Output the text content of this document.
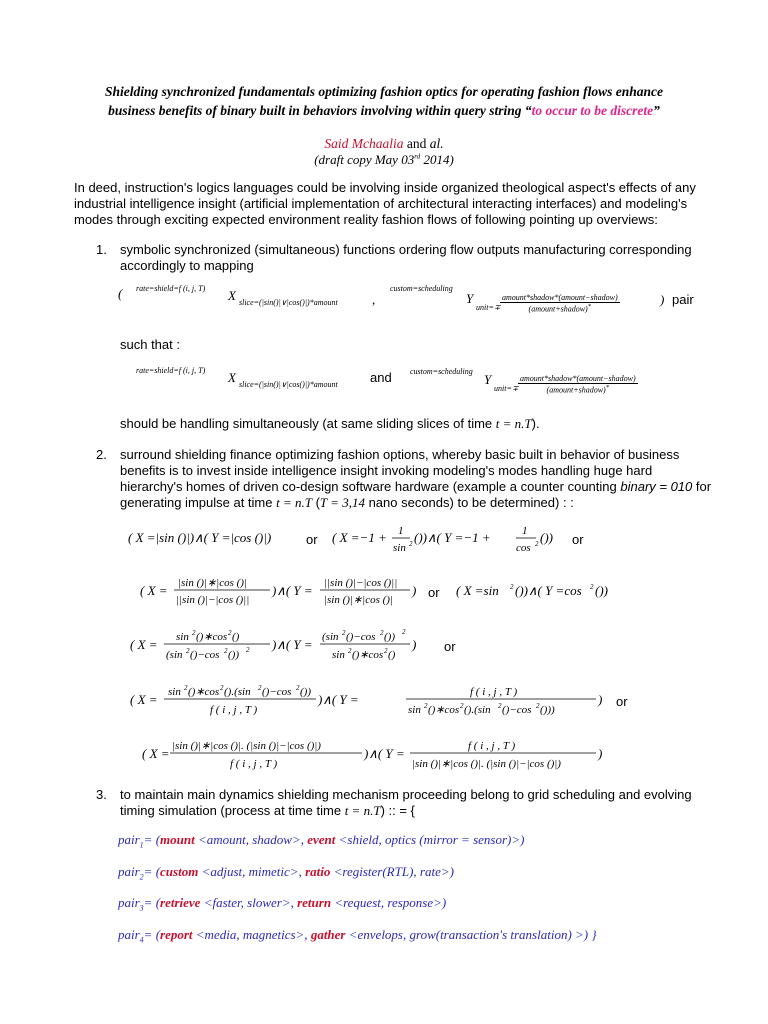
Shielding synchronized fundamentals optimizing fashion optics for operating fashion flows enhance
business benefits of binary built in behaviors involving within query string “to occur to be discrete”
Said Mchaalia and al.
(draft copy May 03rd 2014)
In deed, instruction's logics languages could be involving inside organized theological aspect's effects of any industrial intelligence insight (artificial implementation of architectural interacting interfaces) and modeling's modes through exciting expected environment reality fashion flows of following pointing up overviews:
1. symbolic synchronized (simultaneous) functions ordering flow outputs manufacturing corresponding accordingly to mapping
( rate=shield=f (i, j, T) X slice=(|sin()|∨|cos()|)*amount	,
custom=scheduling
Y
unit=∓ $\frac{\text{amount*shadow*(amount−shadow)}}{(amount+shadow)^*}$	) pair
such that :
rate=shield=f (i, j, T) X slice=(|sin()|∨|cos()|)*amount and custom=scheduling
Y
unit=∓ $\frac{\text{amount*shadow*(amount−shadow)}}{(amount+shadow)^*}$
should be handling simultaneously (at same sliding slices of time t = n.T).
2. surround shielding finance optimizing fashion options, whereby basic built in behavior of business benefits is to invest inside intelligence insight invoking modeling's modes handling huge hard hierarchy's homes of driven co-design software hardware (example a counter counting binary = 010 for generating impulse at time t = n.T (T = 3,14 nano seconds) to be determined) : :
( X =|sin ()|)∧( Y =|cos ()|)	( X =−1 + 1
sin 2 ())∧( Y =−1 +	1
cos 2 ())
( X = |sin ()|∗|cos ()|
||sin ()|−|cos ()||
)∧( Y = ||sin ()|−|cos ()||
|sin ()|∗|cos ()|
)	( X =sin 2 ())∧( Y =cos 2 ())
( X = sin 2 ()∗cos 2 ()
(sin 2 ()−cos 2 ()) 2 )∧( Y = (sin 2 ()−cos 2 ()) 2
sin 2 ()∗cos 2 ()
)
( X = sin 2 ()∗cos 2 ().(sin 2 ()−cos 2 ())
f ( i , j , T )
)∧( Y =	f ( i , j , T )
sin 2 ()∗cos 2 ().(sin 2 ()−cos 2 ()))
)
( X = |sin ()|∗|cos ()|. (|sin ()|−|cos ()|)
f ( i , j , T )
)∧( Y =	f ( i , j , T )
|sin ()|∗|cos ()|. (|sin ()|−|cos ()|)
)
or	or
or
or
or
3. to maintain main dynamics shielding mechanism proceeding belong to grid scheduling and evolving timing simulation (process at time time t = n.T) :: = {
pair$_1$= (mount <amount, shadow>, event <shield, optics (mirror = sensor)>)
pair$_2$= (custom <adjust, mimetic>, ratio <register(RTL), rate>)
pair$_3$= (retrieve <faster, slower>, return <request, response>)
pair$_4$= (report <media, magnetics>, gather <envelops, grow(transaction's translation) >) }
